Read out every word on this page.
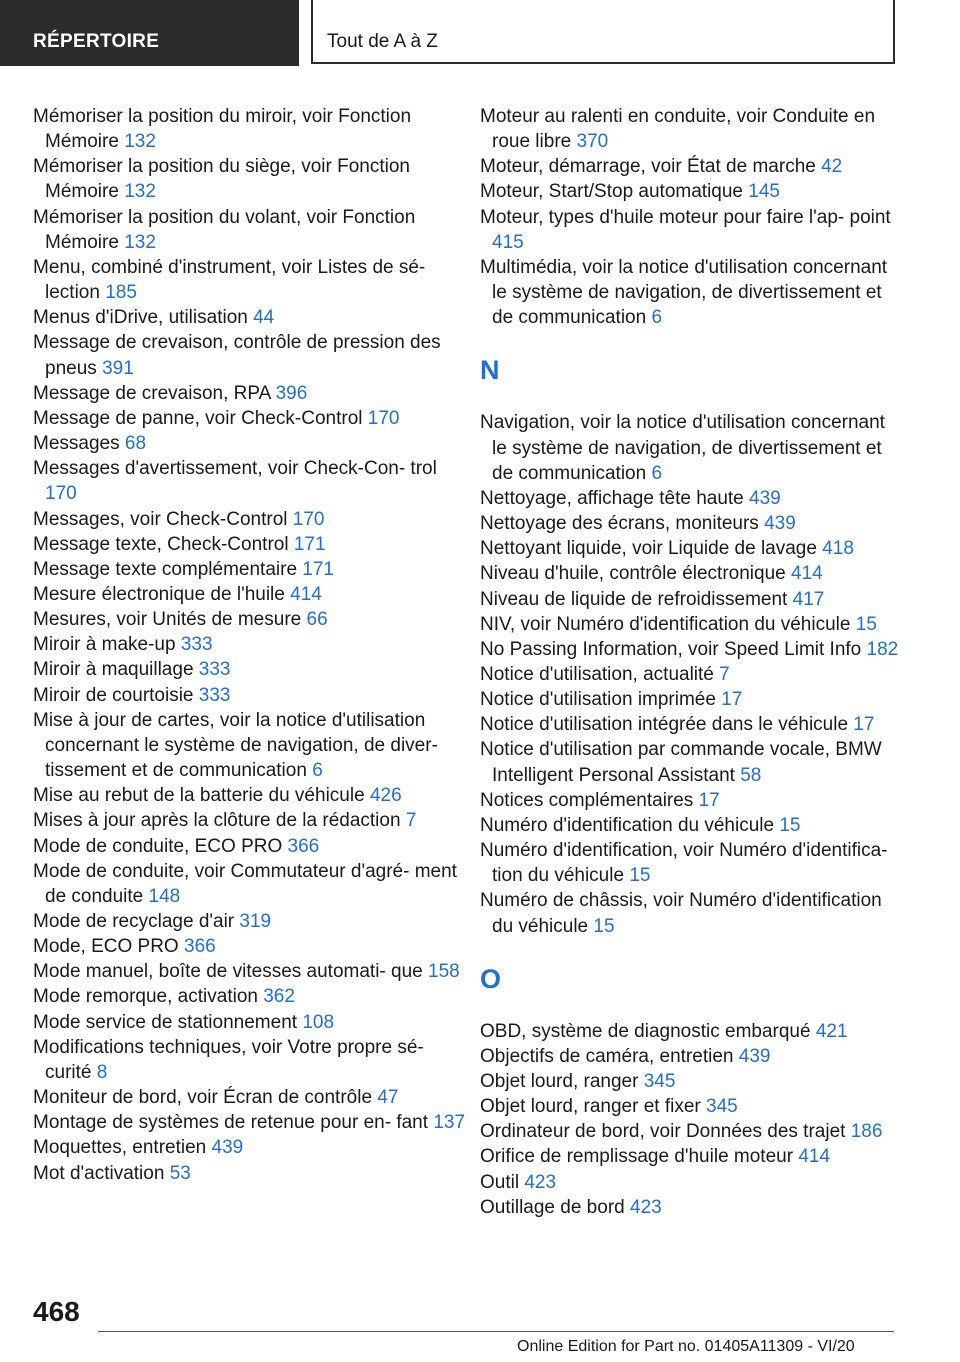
RÉPERTOIRE	Tout de A à Z
Mémoriser la position du miroir, voir Fonction Mémoire 132
Mémoriser la position du siège, voir Fonction Mémoire 132
Mémoriser la position du volant, voir Fonction Mémoire 132
Menu, combiné d'instrument, voir Listes de sé‐ lection 185
Menus d'iDrive, utilisation 44
Message de crevaison, contrôle de pression des pneus 391
Message de crevaison, RPA 396
Message de panne, voir Check-Control 170
Messages 68
Messages d'avertissement, voir Check-Con‐ trol 170
Messages, voir Check-Control 170
Message texte, Check-Control 171
Message texte complémentaire 171
Mesure électronique de l'huile 414
Mesures, voir Unités de mesure 66
Miroir à make-up 333
Miroir à maquillage 333
Miroir de courtoisie 333
Mise à jour de cartes, voir la notice d'utilisation concernant le système de navigation, de diver‐ tissement et de communication 6
Mise au rebut de la batterie du véhicule 426
Mises à jour après la clôture de la rédaction 7
Mode de conduite, ECO PRO 366
Mode de conduite, voir Commutateur d'agré‐ ment de conduite 148
Mode de recyclage d'air 319
Mode, ECO PRO 366
Mode manuel, boîte de vitesses automati‐ que 158
Mode remorque, activation 362
Mode service de stationnement 108
Modifications techniques, voir Votre propre sé‐ curité 8
Moniteur de bord, voir Écran de contrôle 47
Montage de systèmes de retenue pour en‐ fant 137
Moquettes, entretien 439
Mot d'activation 53
Moteur au ralenti en conduite, voir Conduite en roue libre 370
Moteur, démarrage, voir État de marche 42
Moteur, Start/Stop automatique 145
Moteur, types d'huile moteur pour faire l'ap‐ point 415
Multimédia, voir la notice d'utilisation concernant le système de navigation, de divertissement et de communication 6
N
Navigation, voir la notice d'utilisation concernant le système de navigation, de divertissement et de communication 6
Nettoyage, affichage tête haute 439
Nettoyage des écrans, moniteurs 439
Nettoyant liquide, voir Liquide de lavage 418
Niveau d'huile, contrôle électronique 414
Niveau de liquide de refroidissement 417
NIV, voir Numéro d'identification du véhicule 15
No Passing Information, voir Speed Limit Info 182
Notice d'utilisation, actualité 7
Notice d'utilisation imprimée 17
Notice d'utilisation intégrée dans le véhicule 17
Notice d'utilisation par commande vocale, BMW Intelligent Personal Assistant 58
Notices complémentaires 17
Numéro d'identification du véhicule 15
Numéro d'identification, voir Numéro d'identifica‐ tion du véhicule 15
Numéro de châssis, voir Numéro d'identification du véhicule 15
O
OBD, système de diagnostic embarqué 421
Objectifs de caméra, entretien 439
Objet lourd, ranger 345
Objet lourd, ranger et fixer 345
Ordinateur de bord, voir Données des trajet 186
Orifice de remplissage d'huile moteur 414
Outil 423
Outillage de bord 423
468
Online Edition for Part no. 01405A11309 - VI/20
